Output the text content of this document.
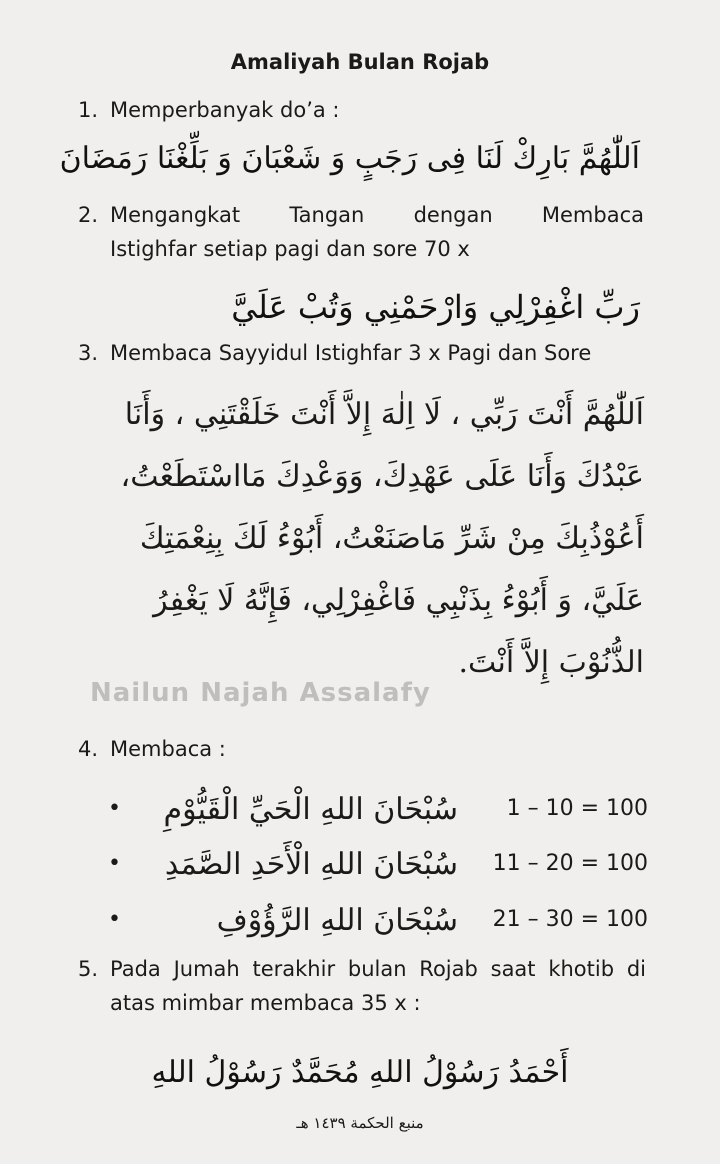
Amaliyah Bulan Rojab
1. Memperbanyak do’a :
اَللّٰهُمَّ بَارِكْ لَنَا فِى رَجَبٍ وَ شَعْبَانَ وَ بَلِّغْنَا رَمَضَانَ
2. Mengangkat Tangan dengan Membaca
Istighfar setiap pagi dan sore 70 x
رَبِّ اغْفِرْلِي وَارْحَمْنِي وَتُبْ عَلَيَّ
3. Membaca Sayyidul Istighfar 3 x Pagi dan Sore
اَللّٰهُمَّ أَنْتَ رَبِّي ، لَا اِلٰهَ إِلاَّ أَنْتَ خَلَقْتَنِي ، وَأَنَا
عَبْدُكَ وَأَنَا عَلَى عَهْدِكَ، وَوَعْدِكَ مَااسْتَطَعْتُ،
أَعُوْذُبِكَ مِنْ شَرِّ مَاصَنَعْتُ، أَبُوْءُ لَكَ بِنِعْمَتِكَ
عَلَيَّ، وَ أَبُوْءُ بِذَنْبِي فَاغْفِرْلِي، فَإِنَّهُ لَا يَغْفِرُ
الذُّنُوْبَ إِلاَّ أَنْتَ.
Nailun Najah Assalafy
4. Membaca :
•	سُبْحَانَ اللهِ الْحَيِّ الْقَيُّوْمِ 1 – 10 = 100
•	سُبْحَانَ اللهِ الْأَحَدِ الصَّمَدِ 11 – 20 = 100
•	سُبْحَانَ اللهِ الرَّؤُوْفِ 21 – 30 = 100
5. Pada Jumah terakhir bulan Rojab saat khotib di
atas mimbar membaca 35 x :
أَحْمَدُ رَسُوْلُ اللهِ مُحَمَّدٌ رَسُوْلُ اللهِ
منبع الحكمة ١٤٣٩ هـ
